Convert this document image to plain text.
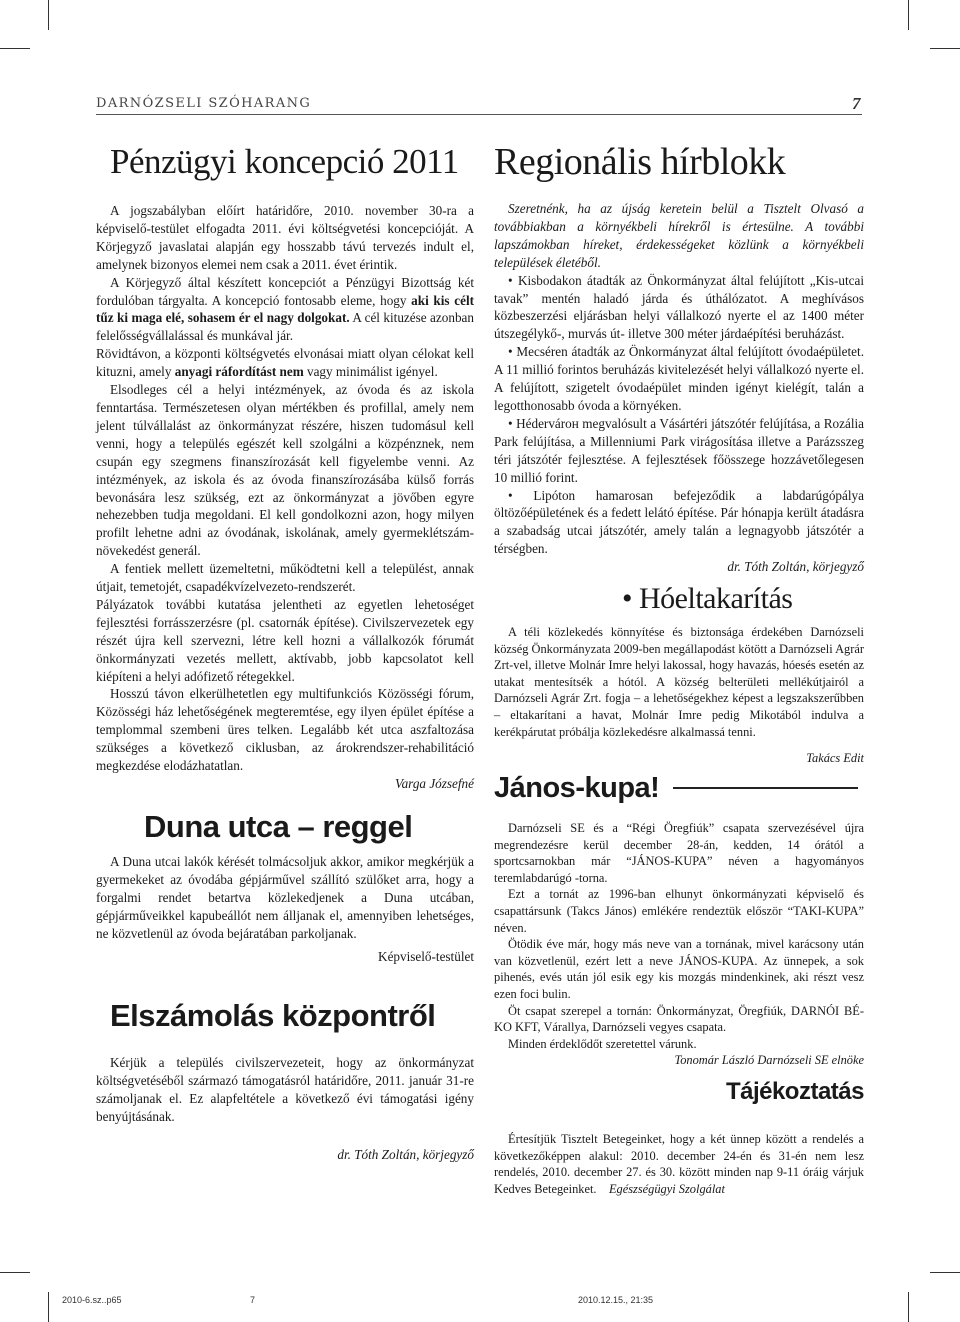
DARNÓZSELI SZÓHARANG	7
Pénzügyi koncepció 2011

A jogszabályban előírt határidőre, 2010. november 30-ra a képviselő-testület elfogadta 2011. évi költségvetési koncepcióját. A Körjegyző javaslatai alapján egy hosszabb távú tervezés indult el, amelynek bizonyos elemei nem csak a 2011. évet érintik.

A Körjegyző által készített koncepciót a Pénzügyi Bizottság két fordulóban tárgyalta. A koncepció fontosabb eleme, hogy aki kis célt tűz ki maga elé, sohasem ér el nagy dolgokat. A cél kituzése azonban felelősségvállalással és munkával jár.

Rövidtávon, a központi költségvetés elvonásai miatt olyan célokat kell kituzni, amely anyagi ráfordítást nem vagy minimálist igényel.

Elsodleges cél a helyi intézmények, az óvoda és az iskola fenntartása. Természetesen olyan mértékben és profillal, amely nem jelent túlvállalást az önkormányzat részére, hiszen tudomásul kell venni, hogy a település egészét kell szolgálni a közpénznek, nem csupán egy szegmens finanszírozását kell figyelembe venni. Az intézmények, az iskola és az óvoda finanszírozásába külső forrás bevonására lesz szükség, ezt az önkormányzat a jövőben egyre nehezebben tudja megoldani. El kell gondolkozni azon, hogy milyen profilt lehetne adni az óvodának, iskolának, amely gyermeklétszám-növekedést generál.

A fentiek mellett üzemeltetni, működtetni kell a települést, annak útjait, temetojét, csapadékvízelvezeto-rendszerét.

Pályázatok további kutatása jelentheti az egyetlen lehetoséget fejlesztési forrásszerzésre (pl. csatornák építése). Civilszervezetek egy részét újra kell szervezni, létre kell hozni a vállalkozók fórumát önkormányzati vezetés mellett, aktívabb, jobb kapcsolatot kell kiépíteni a helyi adófizető rétegekkel.

Hosszú távon elkerülhetetlen egy multifunkciós Közösségi fórum, Közösségi ház lehetőségének megteremtése, egy ilyen épület építése a templommal szembeni üres telken. Legalább két utca aszfaltozása szükséges a következő ciklusban, az árokrendszer-rehabilitáció megkezdése elodázhatatlan.

Varga Józsefné

Duna utca – reggel

A Duna utcai lakók kérését tolmácsoljuk akkor, amikor megkérjük a gyermekeket az óvodába gépjárművel szállító szülőket arra, hogy a forgalmi rendet betartva közlekedjenek a Duna utcában, gépjárműveikkel kapubeállót nem álljanak el, amennyiben lehetséges, ne közvetlenül az óvoda bejáratában parkoljanak.

Képviselő-testület

Elszámolás központről

Kérjük a település civilszervezeteit, hogy az önkormányzat költségvetéséből származó támogatásról határidőre, 2011. január 31-re számoljanak el. Ez alapfeltétele a következő évi támogatási igény benyújtásának.

dr. Tóth Zoltán, körjegyző

Regionális hírblokk

Szeretnénk, ha az újság keretein belül a Tisztelt Olvasó a továbbiakban a környékbeli hírekről is értesülne. A további lapszámokban híreket, érdekességeket közlünk a környékbeli települések életéből.

• Kisbodakon átadták az Önkormányzat által felújított „Kis-utcai tavak” mentén haladó járda és úthálózatot. A meghívásos közbeszerzési eljárásban helyi vállalkozó nyerte el az 1400 méter útszegélykő-, murvás út- illetve 300 méter járdaépítési beruházást.

• Mecséren átadták az Önkormányzat által felújított óvodaépületet. A 11 millió forintos beruházás kivitelezését helyi vállalkozó nyerte el. A felújított, szigetelt óvodaépület minden igényt kielégít, talán a legotthonosabb óvoda a környéken.

• Hédervárон megvalósult a Vásártéri játszótér felújítása, a Rozália Park felújítása, a Millenniumi Park virágosítása illetve a Parázsszeg téri játszótér fejlesztése. A fejlesztések főösszege hozzávetőlegesen 10 millió forint.

• Lipóton hamarosan befejeződik a labdarúgópálya öltözőépületének és a fedett lelátó építése. Pár hónapja került átadásra a szabadság utcai játszótér, amely talán a legnagyobb játszótér a térségben.

dr. Tóth Zoltán, körjegyző

• Hóeltakarítás

A téli közlekedés könnyítése és biztonsága érdekében Darnózseli község Önkormányzata 2009-ben megállapodást kötött a Darnózseli Agrár Zrt-vel, illetve Molnár Imre helyi lakossal, hogy havazás, hóesés esetén az utakat mentesítsék a hótól. A község belterületi mellékútjairól a Darnózseli Agrár Zrt. fogja – a lehetőségekhez képest a legszakszerűbben – eltakarítani a havat, Molnár Imre pedig Mikotából indulva a kerékpárutat próbálja közlekedésre alkalmassá tenni.

Takács Edit

János-kupa!

Darnózseli SE és a “Régi Öregfiúk” csapata szervezésével újra megrendezésre kerül december 28-án, kedden, 14 órától a sportcsarnokban már “JÁNOS-KUPA” néven a hagyományos teremlabdarúgó -torna.

Ezt a tornát az 1996-ban elhunyt önkormányzati képviselő és csapattársunk (Takcs János) emlékére rendeztük először “TAKI-KUPA” néven.

Ötödik éve már, hogy más neve van a tornának, mivel karácsony után van közvetlenül, ezért lett a neve JÁNOS-KUPA. Az ünnepek, a sok pihenés, evés után jól esik egy kis mozgás mindenkinek, aki részt vesz ezen foci bulin.

Öt csapat szerepel a tornán: Önkormányzat, Öregfiúk, DARNÓI BÉ-KO KFT, Várallya, Darnózseli vegyes csapata.

Minden érdeklődőt szeretettel várunk.

Tonomár László Darnózseli SE elnöke

Tájékoztatás

Értesítjük Tisztelt Betegeinket, hogy a két ünnep között a rendelés a következőképpen alakul: 2010. december 24-én és 31-én nem lesz rendelés, 2010. december 27. és 30. között minden nap 9-11 óráig várjuk Kedves Betegeinket. Egészségügyi Szolgálat

2010-6.sz..p65	7	2010.12.15., 21:35
